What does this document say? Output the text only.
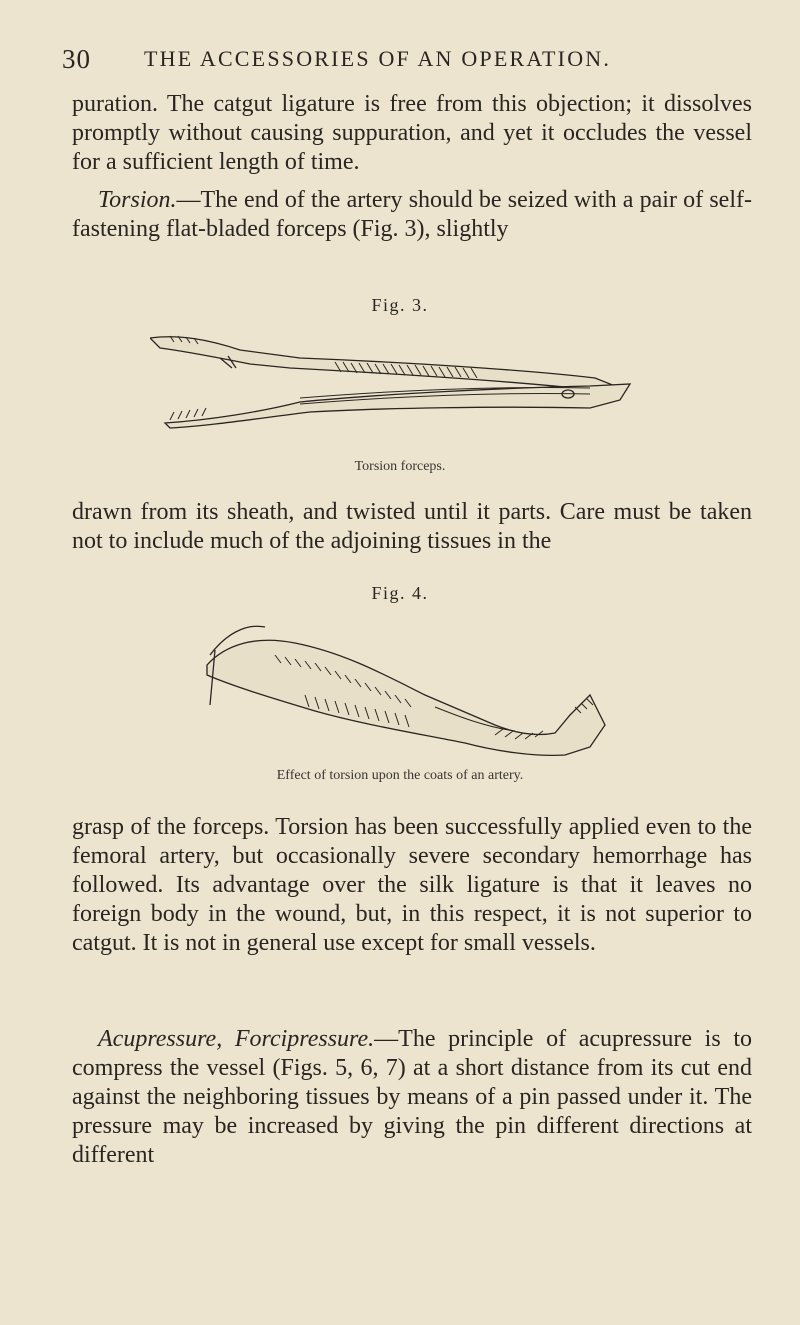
30 THE ACCESSORIES OF AN OPERATION.
puration. The catgut ligature is free from this objection; it dissolves promptly without causing suppuration, and yet it occludes the vessel for a sufficient length of time.
Torsion.—The end of the artery should be seized with a pair of self-fastening flat-bladed forceps (Fig. 3), slightly
Fig. 3.
Torsion forceps.
drawn from its sheath, and twisted until it parts. Care must be taken not to include much of the adjoining tissues in the
Fig. 4.
Effect of torsion upon the coats of an artery.
grasp of the forceps. Torsion has been successfully applied even to the femoral artery, but occasionally severe secondary hemorrhage has followed. Its advantage over the silk ligature is that it leaves no foreign body in the wound, but, in this respect, it is not superior to catgut. It is not in general use except for small vessels.
Acupressure, Forcipressure.—The principle of acupressure is to compress the vessel (Figs. 5, 6, 7) at a short distance from its cut end against the neighboring tissues by means of a pin passed under it. The pressure may be increased by giving the pin different directions at different
